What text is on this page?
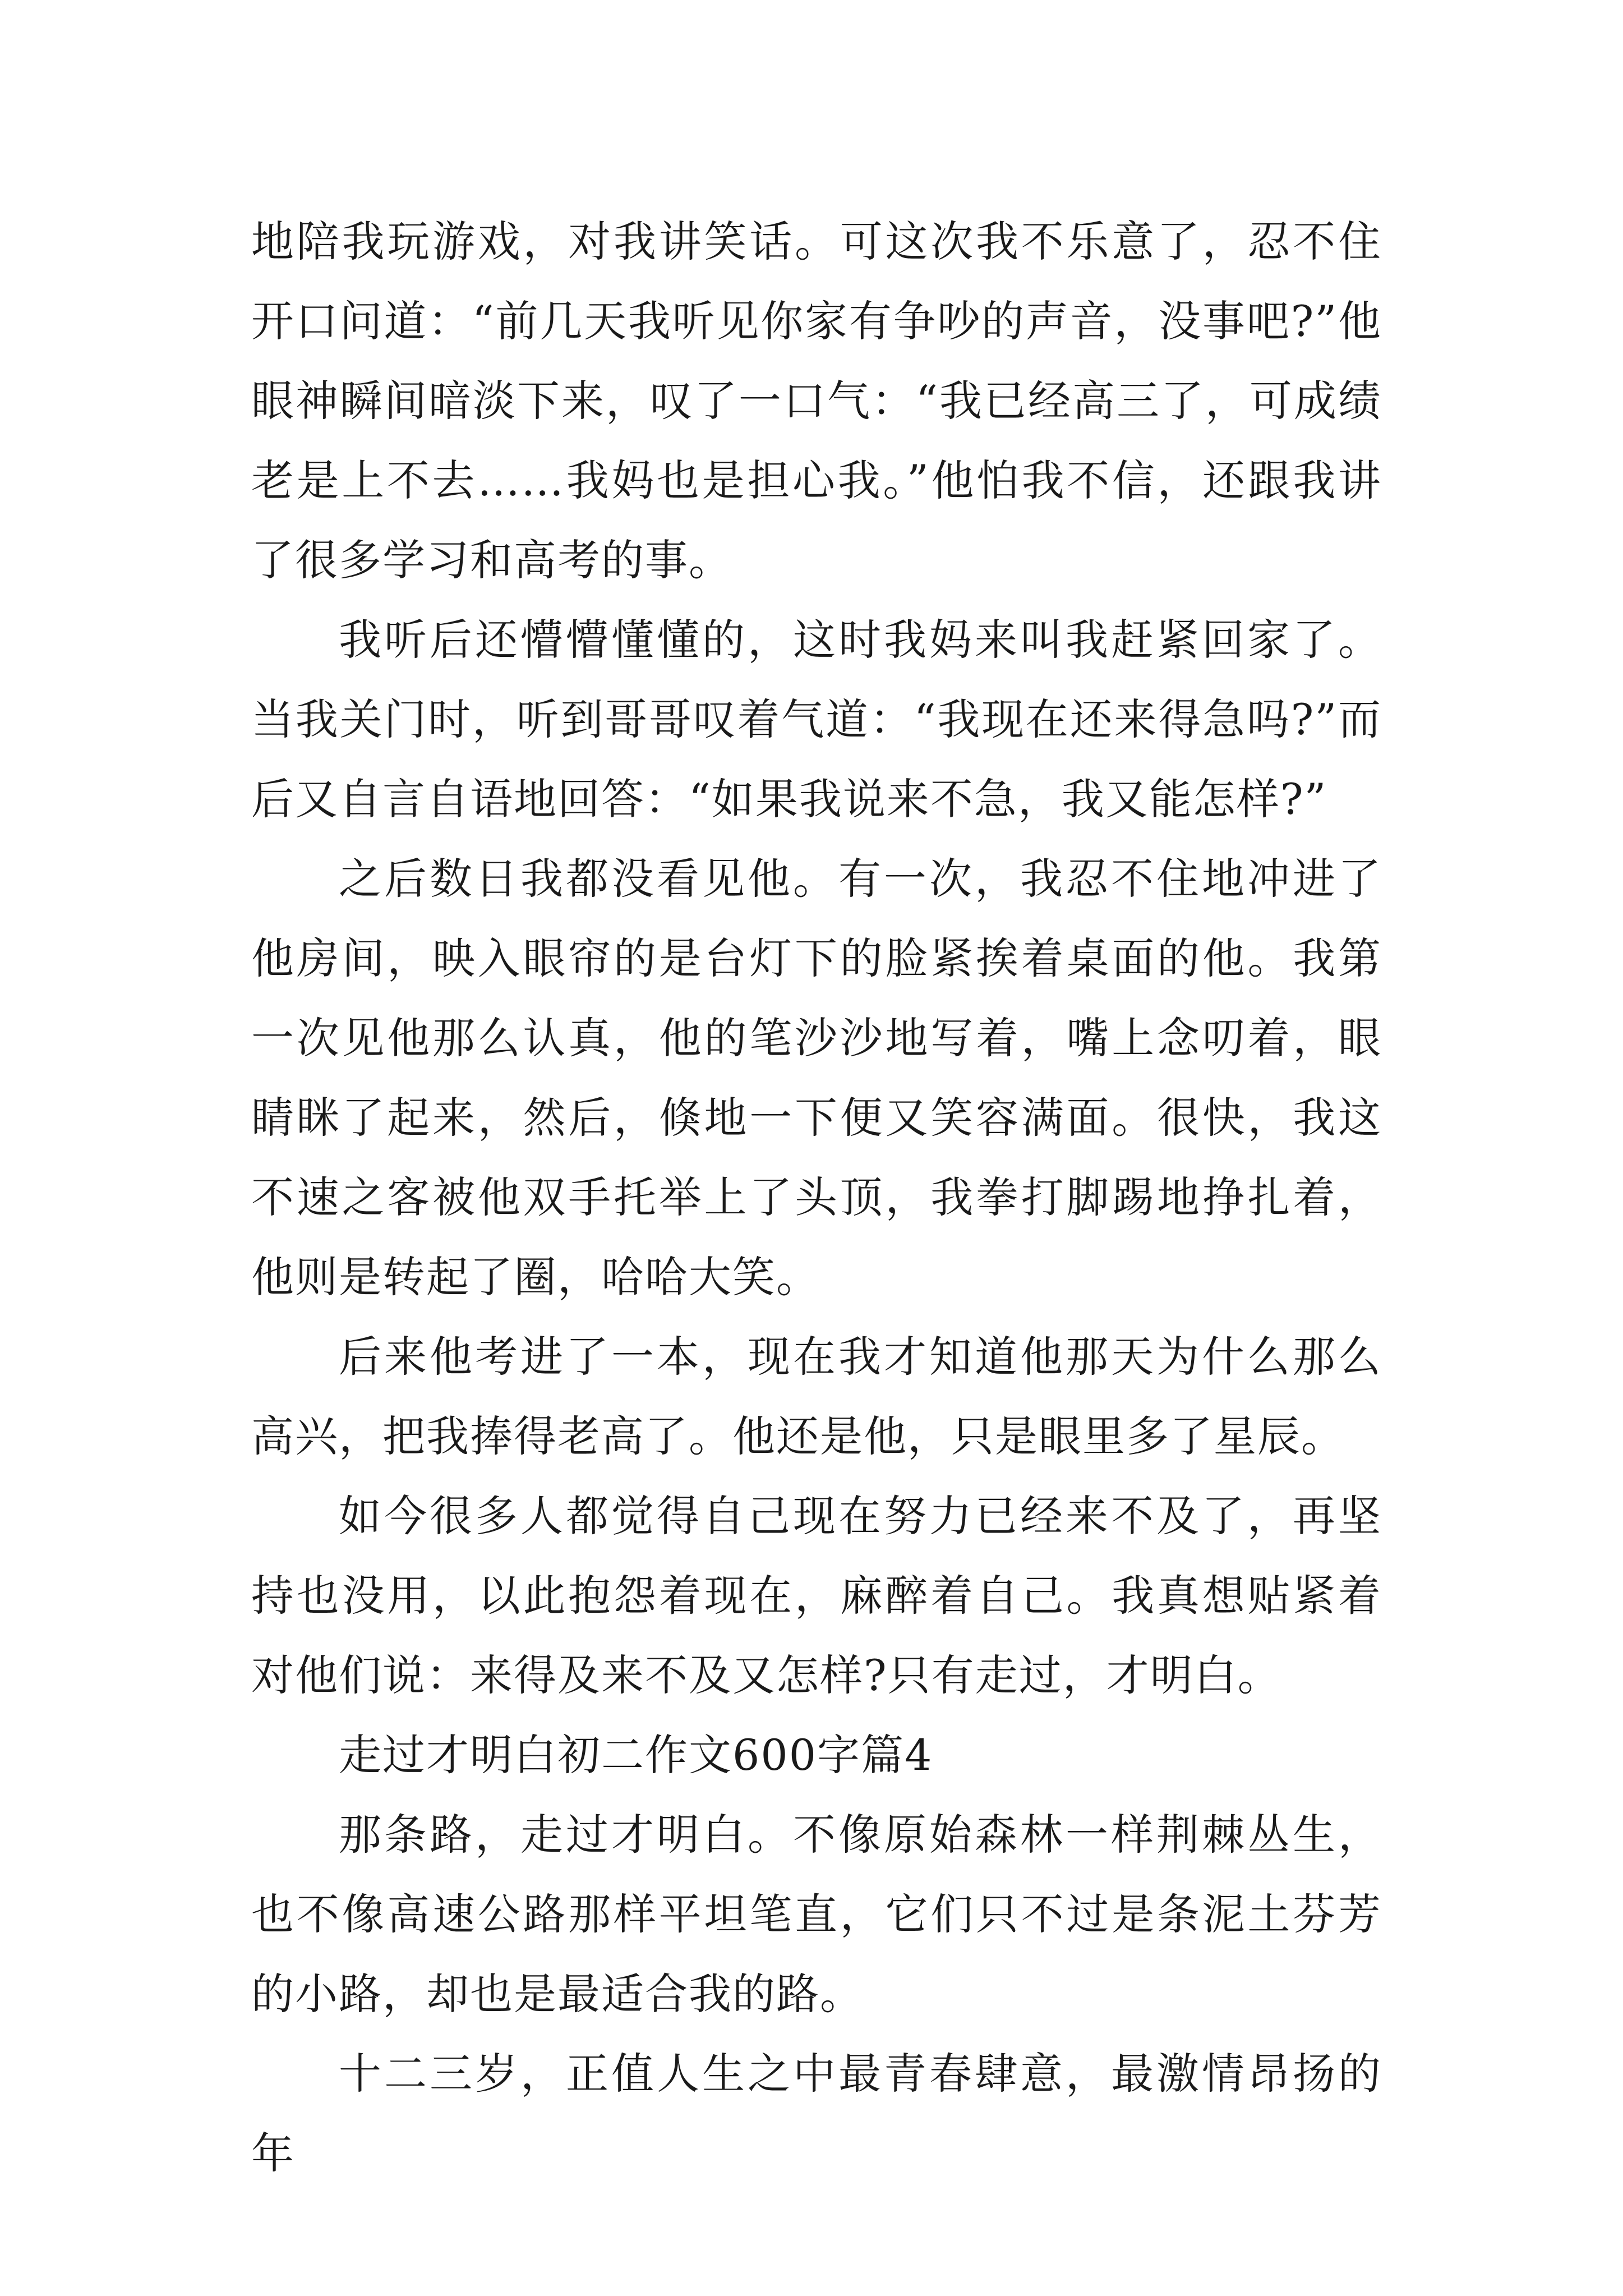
地陪我玩游戏，对我讲笑话。可这次我不乐意了，忍不住开口问道：“前几天我听见你家有争吵的声音，没事吧?”他眼神瞬间暗淡下来，叹了一口气：“我已经高三了，可成绩老是上不去……我妈也是担心我。”他怕我不信，还跟我讲了很多学习和高考的事。

我听后还懵懵懂懂的，这时我妈来叫我赶紧回家了。当我关门时，听到哥哥叹着气道：“我现在还来得急吗?”而后又自言自语地回答：“如果我说来不急，我又能怎样?”

之后数日我都没看见他。有一次，我忍不住地冲进了他房间，映入眼帘的是台灯下的脸紧挨着桌面的他。我第一次见他那么认真，他的笔沙沙地写着，嘴上念叨着，眼睛眯了起来，然后，倏地一下便又笑容满面。很快，我这不速之客被他双手托举上了头顶，我拳打脚踢地挣扎着，他则是转起了圈，哈哈大笑。

后来他考进了一本，现在我才知道他那天为什么那么高兴，把我捧得老高了。他还是他，只是眼里多了星辰。

如今很多人都觉得自己现在努力已经来不及了，再坚持也没用，以此抱怨着现在，麻醉着自己。我真想贴紧着对他们说：来得及来不及又怎样?只有走过，才明白。

走过才明白初二作文600字篇4

那条路，走过才明白。不像原始森林一样荆棘丛生，也不像高速公路那样平坦笔直，它们只不过是条泥土芬芳的小路，却也是最适合我的路。

十二三岁，正值人生之中最青春肆意，最激情昂扬的年
